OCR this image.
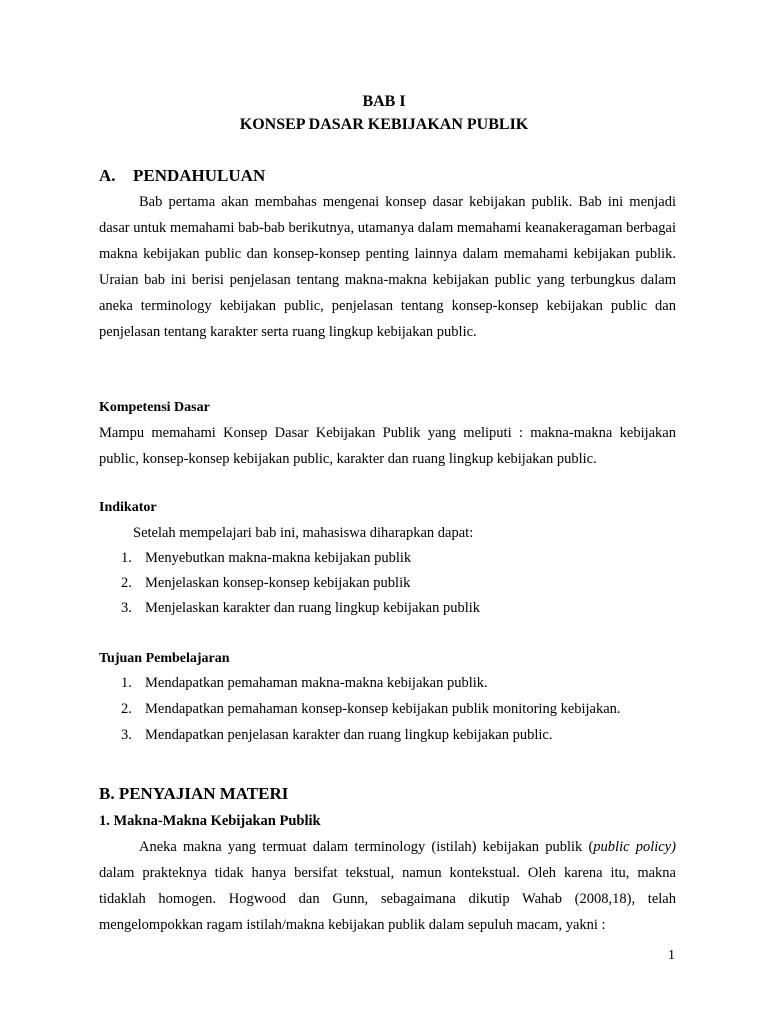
BAB I
KONSEP DASAR KEBIJAKAN PUBLIK
A. PENDAHULUAN
Bab pertama akan membahas mengenai konsep dasar kebijakan publik. Bab ini menjadi dasar untuk memahami bab-bab berikutnya, utamanya dalam memahami keanakeragaman berbagai makna kebijakan public dan konsep-konsep penting lainnya dalam memahami kebijakan publik. Uraian bab ini berisi penjelasan tentang makna-makna kebijakan public yang terbungkus dalam aneka terminology kebijakan public, penjelasan tentang konsep-konsep kebijakan public dan penjelasan tentang karakter serta ruang lingkup kebijakan public.
Kompetensi Dasar
Mampu memahami Konsep Dasar Kebijakan Publik yang meliputi : makna-makna kebijakan public, konsep-konsep kebijakan public, karakter dan ruang lingkup kebijakan public.
Indikator
Setelah mempelajari bab ini, mahasiswa diharapkan dapat:
1. Menyebutkan makna-makna kebijakan publik
2. Menjelaskan konsep-konsep kebijakan publik
3. Menjelaskan karakter dan ruang lingkup kebijakan publik
Tujuan Pembelajaran
1. Mendapatkan pemahaman makna-makna kebijakan publik.
2. Mendapatkan pemahaman konsep-konsep kebijakan publik monitoring kebijakan.
3. Mendapatkan penjelasan karakter dan ruang lingkup kebijakan public.
B. PENYAJIAN MATERI
1. Makna-Makna Kebijakan Publik
Aneka makna yang termuat dalam terminology (istilah) kebijakan publik (public policy) dalam prakteknya tidak hanya bersifat tekstual, namun kontekstual. Oleh karena itu, makna tidaklah homogen. Hogwood dan Gunn, sebagaimana dikutip Wahab (2008,18), telah mengelompokkan ragam istilah/makna kebijakan publik dalam sepuluh macam, yakni :
1
